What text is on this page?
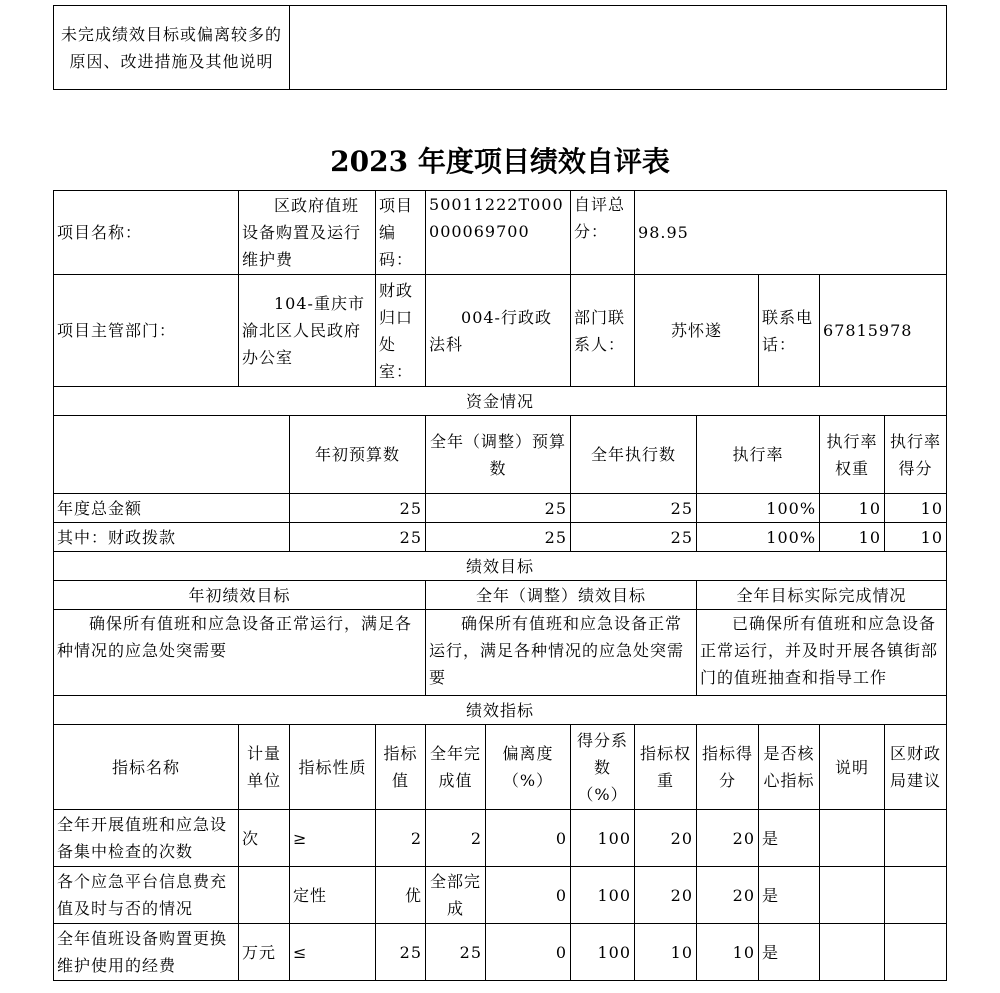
未完成绩效目标或偏离较多的原因、改进措施及其他说明	
2023 年度项目绩效自评表
项目名称：	区政府值班设备购置及运行维护费		项目编码：	50011222T000000069700		自评总分：	98.95				
项目主管部门：	104-重庆市渝北区人民政府办公室		财政归口处室：	004-行政政法科		部门联系人：	苏怀遂		联系电话：	67815978	
资金情况											
		年初预算数		全年（调整）预算数		全年执行数		执行率		执行率权重	执行率得分
年度总金额		25		25		25		100%		10	10
其中：财政拨款		25		25		25		100%		10	10
绩效目标											
年初绩效目标				全年（调整）绩效目标				全年目标实际完成情况			
确保所有值班和应急设备正常运行，满足各种情况的应急处突需要				确保所有值班和应急设备正常运行，满足各种情况的应急处突需要				已确保所有值班和应急设备正常运行，并及时开展各镇街部门的值班抽查和指导工作			
绩效指标											
指标名称	计量单位	指标性质	指标值	全年完成值	偏离度（%）	得分系数（%）	指标权重	指标得分	是否核心指标	说明	区财政局建议
全年开展值班和应急设备集中检查的次数	次	≥	2	2	0	100	20	20	是		
各个应急平台信息费充值及时与否的情况		定性	优	全部完成	0	100	20	20	是		
全年值班设备购置更换维护使用的经费	万元	≤	25	25	0	100	10	10	是		
